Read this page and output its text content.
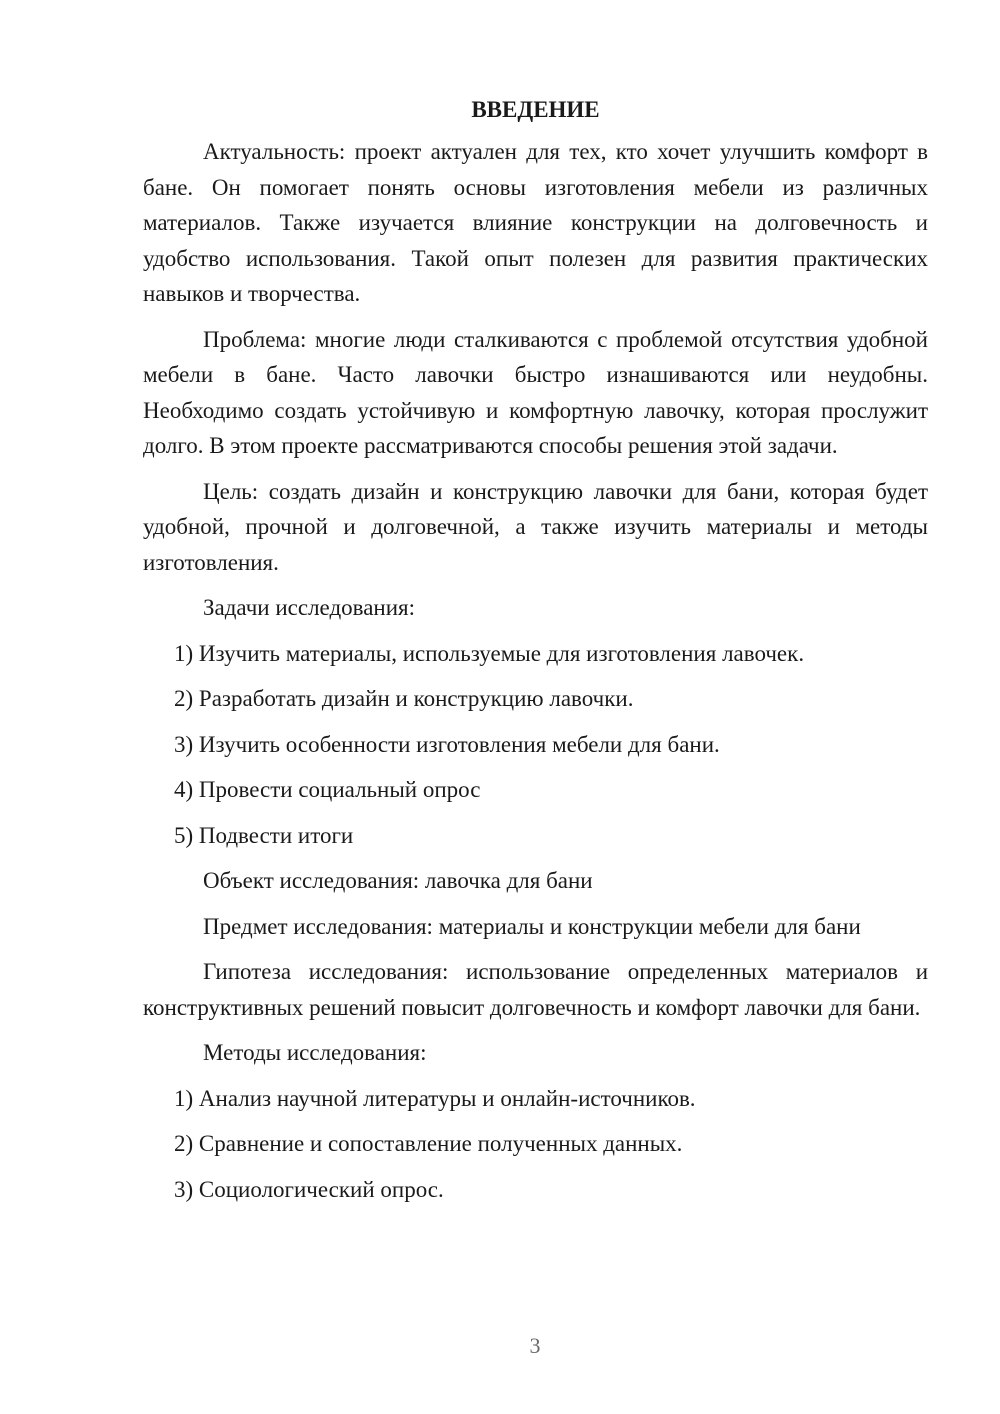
ВВЕДЕНИЕ

Актуальность: проект актуален для тех, кто хочет улучшить комфорт в бане. Он помогает понять основы изготовления мебели из различных материалов. Также изучается влияние конструкции на долговечность и удобство использования. Такой опыт полезен для развития практических навыков и творчества.

Проблема: многие люди сталкиваются с проблемой отсутствия удобной мебели в бане. Часто лавочки быстро изнашиваются или неудобны. Необходимо создать устойчивую и комфортную лавочку, которая прослужит долго. В этом проекте рассматриваются способы решения этой задачи.

Цель: создать дизайн и конструкцию лавочки для бани, которая будет удобной, прочной и долговечной, а также изучить материалы и методы изготовления.

Задачи исследования:
1) Изучить материалы, используемые для изготовления лавочек.
2) Разработать дизайн и конструкцию лавочки.
3) Изучить особенности изготовления мебели для бани.
4) Провести социальный опрос
5) Подвести итоги
Объект исследования: лавочка для бани
Предмет исследования: материалы и конструкции мебели для бани

Гипотеза исследования: использование определенных материалов и конструктивных решений повысит долговечность и комфорт лавочки для бани.

Методы исследования:
1) Анализ научной литературы и онлайн-источников.
2) Сравнение и сопоставление полученных данных.
3) Социологический опрос.
3
